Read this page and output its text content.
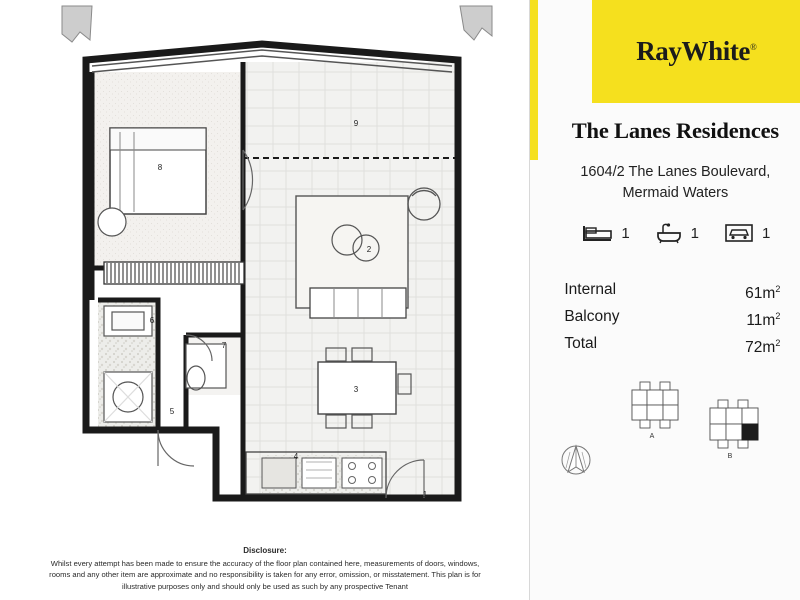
1
2
3
4
5
6
7
8
9
Disclosure:
Whilst every attempt has been made to ensure the accuracy of the floor plan contained here, measurements of doors, windows,
rooms and any other item are approximate and no responsibility is taken for any error, omission, or misstatement. This plan is for
illustrative purposes only and should only be used as such by any prospective Tenant
RayWhite®
The Lanes Residences
1604/2 The Lanes Boulevard,
Mermaid Waters
1	1	1
Internal	$61m^2$
Balcony	$11m^2$
Total	$72m^2$
A
B
